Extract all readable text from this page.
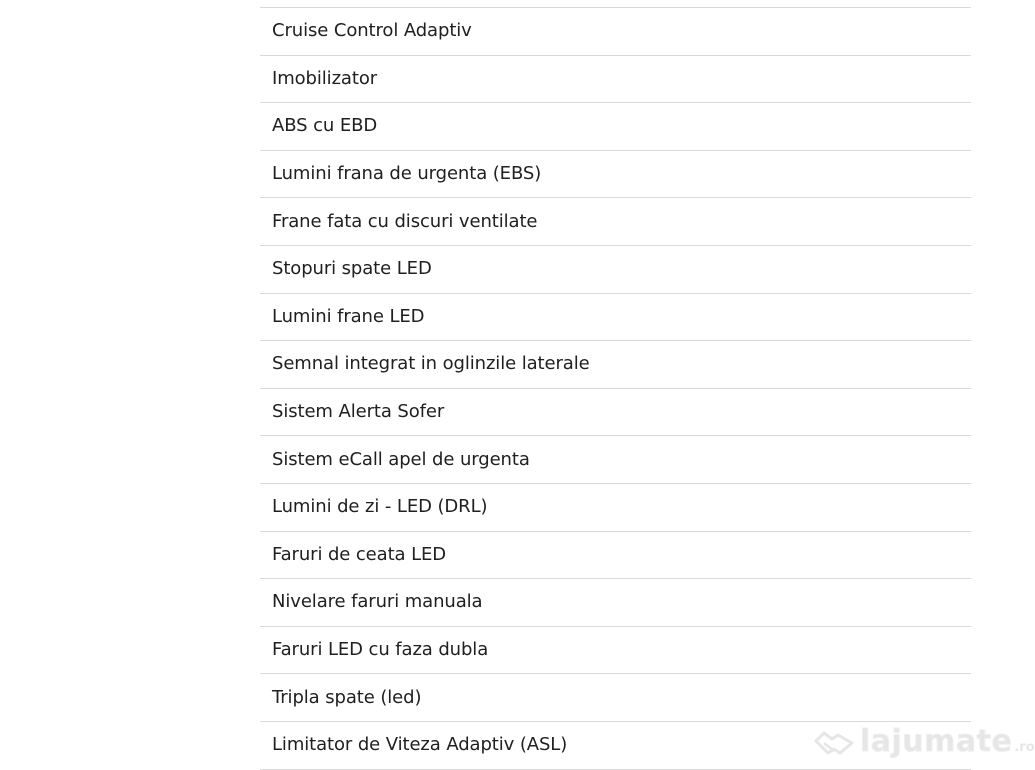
Cruise Control Adaptiv
Imobilizator
ABS cu EBD
Lumini frana de urgenta (EBS)
Frane fata cu discuri ventilate
Stopuri spate LED
Lumini frane LED
Semnal integrat in oglinzile laterale
Sistem Alerta Sofer
Sistem eCall apel de urgenta
Lumini de zi - LED (DRL)
Faruri de ceata LED
Nivelare faruri manuala
Faruri LED cu faza dubla
Tripla spate (led)
Limitator de Viteza Adaptiv (ASL)	lajumate .ro
